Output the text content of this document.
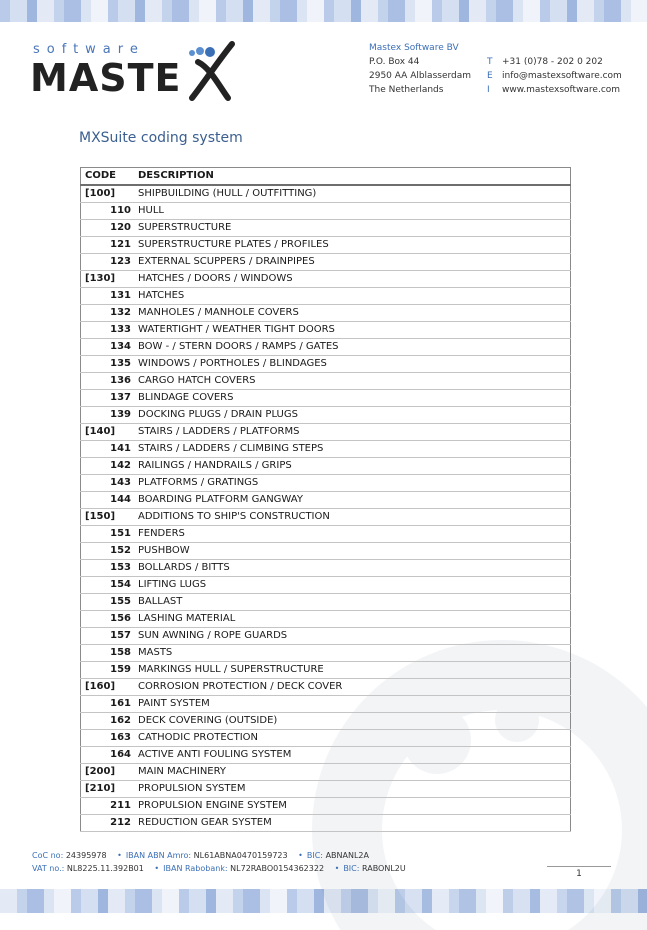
software
MASTE
Mastex Software BV
P.O. Box 44
2950 AA Alblasserdam
The Netherlands
T +31 (0)78 - 202 0 202
E info@mastexsoftware.com
I www.mastexsoftware.com
MXSuite coding system
CODE	DESCRIPTION
[100]	SHIPBUILDING (HULL / OUTFITTING)
110	HULL
120	SUPERSTRUCTURE
121	SUPERSTRUCTURE PLATES / PROFILES
123	EXTERNAL SCUPPERS / DRAINPIPES
[130]	HATCHES / DOORS / WINDOWS
131	HATCHES
132	MANHOLES / MANHOLE COVERS
133	WATERTIGHT / WEATHER TIGHT DOORS
134	BOW - / STERN DOORS / RAMPS / GATES
135	WINDOWS / PORTHOLES / BLINDAGES
136	CARGO HATCH COVERS
137	BLINDAGE COVERS
139	DOCKING PLUGS / DRAIN PLUGS
[140]	STAIRS / LADDERS / PLATFORMS
141	STAIRS / LADDERS / CLIMBING STEPS
142	RAILINGS / HANDRAILS / GRIPS
143	PLATFORMS / GRATINGS
144	BOARDING PLATFORM GANGWAY
[150]	ADDITIONS TO SHIP'S CONSTRUCTION
151	FENDERS
152	PUSHBOW
153	BOLLARDS / BITTS
154	LIFTING LUGS
155	BALLAST
156	LASHING MATERIAL
157	SUN AWNING / ROPE GUARDS
158	MASTS
159	MARKINGS HULL / SUPERSTRUCTURE
[160]	CORROSION PROTECTION / DECK COVER
161	PAINT SYSTEM
162	DECK COVERING (OUTSIDE)
163	CATHODIC PROTECTION
164	ACTIVE ANTI FOULING SYSTEM
[200]	MAIN MACHINERY
[210]	PROPULSION SYSTEM
211	PROPULSION ENGINE SYSTEM
212	REDUCTION GEAR SYSTEM
CoC no: 24395978 • IBAN ABN Amro: NL61ABNA0470159723 • BIC: ABNANL2A
VAT no.: NL8225.11.392B01 • IBAN Rabobank: NL72RABO0154362322 • BIC: RABONL2U
1
